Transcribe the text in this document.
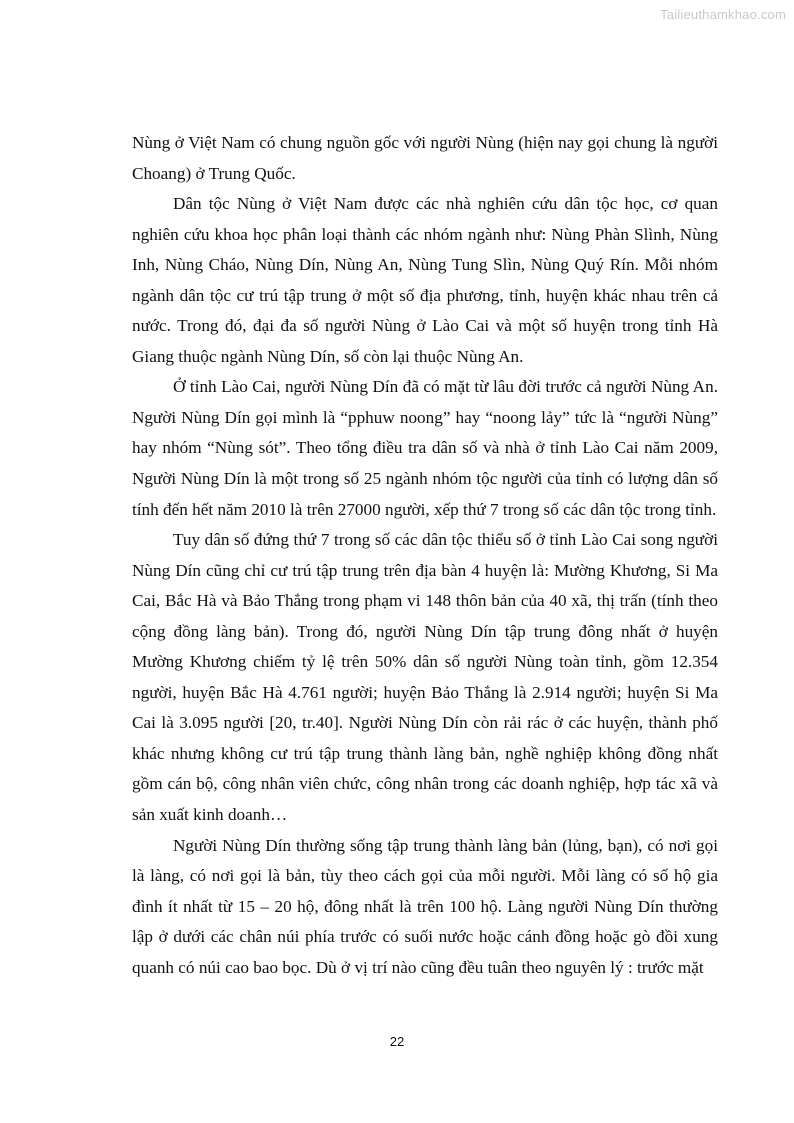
Tailieuthamkhao.com

Nùng ở Việt Nam có chung nguồn gốc với người Nùng (hiện nay gọi chung là người Choang) ở Trung Quốc.

Dân tộc Nùng ở Việt Nam được các nhà nghiên cứu dân tộc học, cơ quan nghiên cứu khoa học phân loại thành các nhóm ngành như: Nùng Phàn Slình, Nùng Inh, Nùng Cháo, Nùng Dín, Nùng An, Nùng Tung Slìn, Nùng Quý Rín. Mỗi nhóm ngành dân tộc cư trú tập trung ở một số địa phương, tỉnh, huyện khác nhau trên cả nước. Trong đó, đại đa số người Nùng ở Lào Cai và một số huyện trong tỉnh Hà Giang thuộc ngành Nùng Dín, số còn lại thuộc Nùng An.

Ở tỉnh Lào Cai, người Nùng Dín đã có mặt từ lâu đời trước cả người Nùng An. Người Nùng Dín gọi mình là “pphuw noong” hay “noong lảy” tức là “người Nùng” hay nhóm “Nùng sót”. Theo tổng điều tra dân số và nhà ở tỉnh Lào Cai năm 2009, Người Nùng Dín là một trong số 25 ngành nhóm tộc người của tỉnh có lượng dân số tính đến hết năm 2010 là trên 27000 người, xếp thứ 7 trong số các dân tộc trong tỉnh.

Tuy dân số đứng thứ 7 trong số các dân tộc thiểu số ở tỉnh Lào Cai song người Nùng Dín cũng chỉ cư trú tập trung trên địa bàn 4 huyện là: Mường Khương, Si Ma Cai, Bắc Hà và Bảo Thắng trong phạm vi 148 thôn bản của 40 xã, thị trấn (tính theo cộng đồng làng bản). Trong đó, người Nùng Dín tập trung đông nhất ở huyện Mường Khương chiếm tỷ lệ trên 50% dân số người Nùng toàn tỉnh, gồm 12.354 người, huyện Bắc Hà 4.761 người; huyện Bảo Thắng là 2.914 người; huyện Si Ma Cai là 3.095 người [20, tr.40]. Người Nùng Dín còn rải rác ở các huyện, thành phố khác nhưng không cư trú tập trung thành làng bản, nghề nghiệp không đồng nhất gồm cán bộ, công nhân viên chức, công nhân trong các doanh nghiệp, hợp tác xã và sản xuất kinh doanh…

Người Nùng Dín thường sống tập trung thành làng bản (lủng, bạn), có nơi gọi là làng, có nơi gọi là bản, tùy theo cách gọi của mỗi người. Mỗi làng có số hộ gia đình ít nhất từ 15 – 20 hộ, đông nhất là trên 100 hộ. Làng người Nùng Dín thường lập ở dưới các chân núi phía trước có suối nước hoặc cánh đồng hoặc gò đồi xung quanh có núi cao bao bọc. Dù ở vị trí nào cũng đều tuân theo nguyên lý : trước mặt

22
